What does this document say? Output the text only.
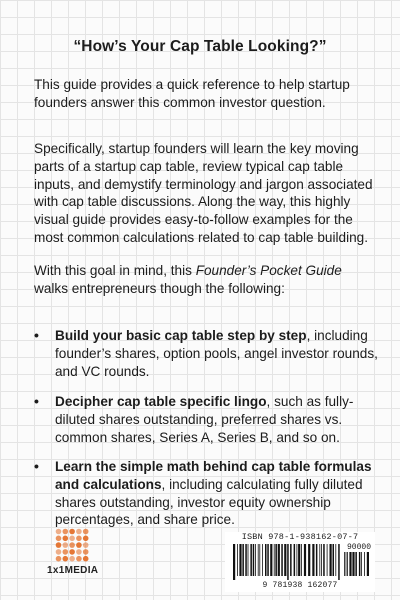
“How’s Your Cap Table Looking?”

This guide provides a quick reference to help startup founders answer this common investor question.

Specifically, startup founders will learn the key moving parts of a startup cap table, review typical cap table inputs, and demystify terminology and jargon associated with cap table discussions. Along the way, this highly visual guide provides easy-to-follow examples for the most common calculations related to cap table building.

With this goal in mind, this Founder’s Pocket Guide walks entrepreneurs though the following:

• Build your basic cap table step by step, including founder’s shares, option pools, angel investor rounds, and VC rounds.
• Decipher cap table specific lingo, such as fully-diluted shares outstanding, preferred shares vs. common shares, Series A, Series B, and so on.
• Learn the simple math behind cap table formulas and calculations, including calculating fully diluted shares outstanding, investor equity ownership percentages, and share price.
1x1MEDIA
ISBN 978-1-938162-07-7
90000
9 781938 162077
